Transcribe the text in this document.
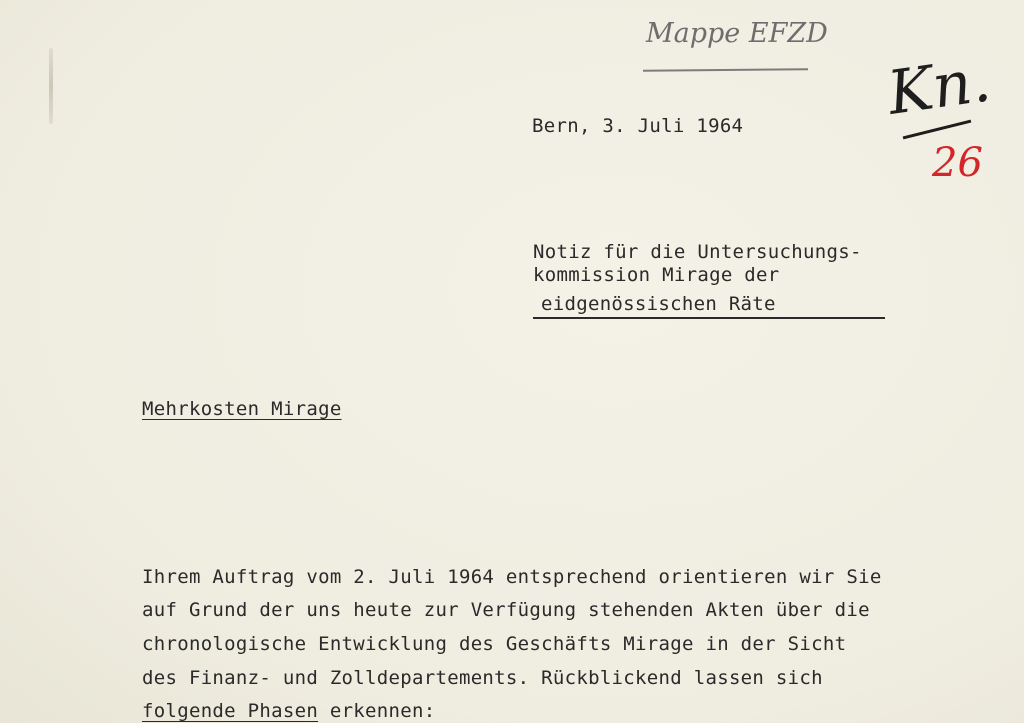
Mappe EFZD
Kn.
26
Bern, 3. Juli 1964
Notiz für die Untersuchungs-
kommission Mirage der
eidgenössischen Räte
Mehrkosten Mirage
Ihrem Auftrag vom 2. Juli 1964 entsprechend orientieren wir Sie
auf Grund der uns heute zur Verfügung stehenden Akten über die
chronologische Entwicklung des Geschäfts Mirage in der Sicht
des Finanz- und Zolldepartements. Rückblickend lassen sich
folgende Phasen erkennen:
